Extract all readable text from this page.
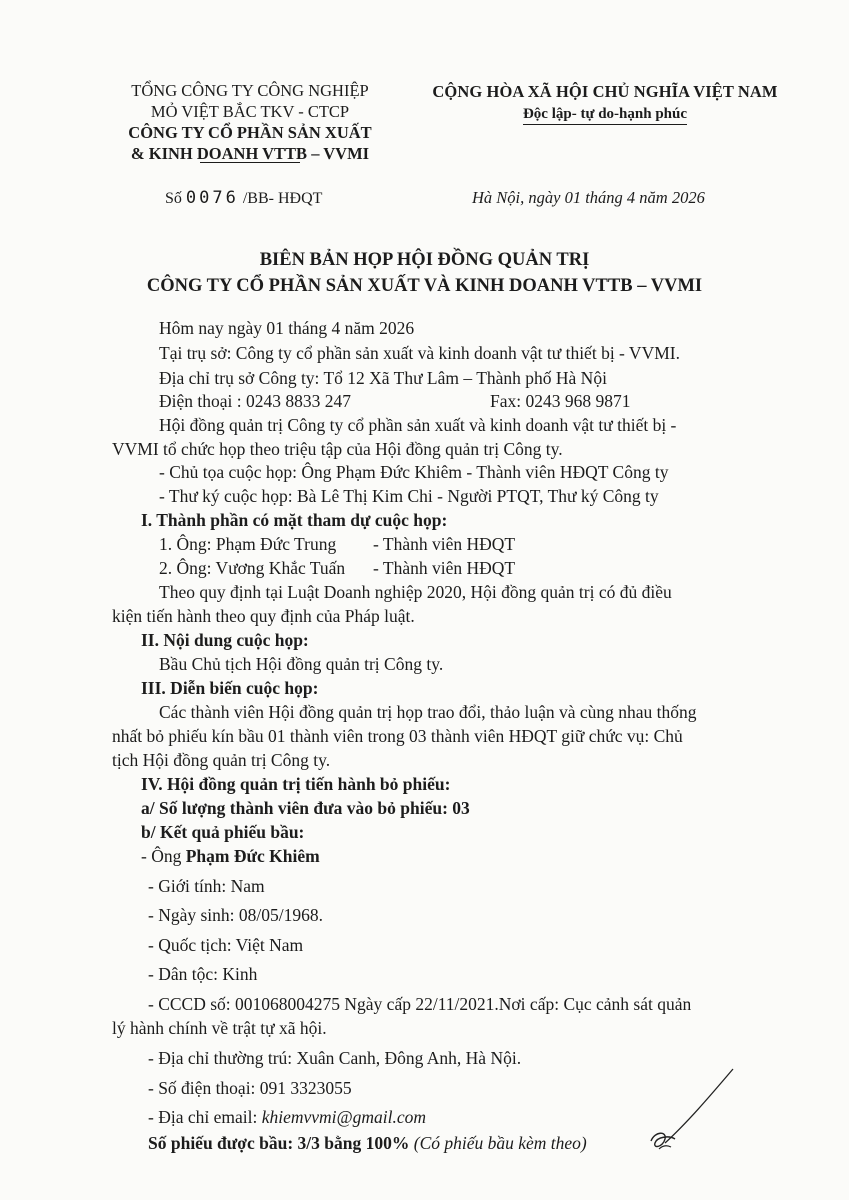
TỔNG CÔNG TY CÔNG NGHIỆP
MỎ VIỆT BẮC TKV - CTCP
CÔNG TY CỔ PHẦN SẢN XUẤT
& KINH DOANH VTTB – VVMI
CỘNG HÒA XÃ HỘI CHỦ NGHĨA VIỆT NAM
Độc lập- tự do-hạnh phúc
Số 0076 /BB- HĐQT	Hà Nội, ngày 01 tháng 4 năm 2026
BIÊN BẢN HỌP HỘI ĐỒNG QUẢN TRỊ
CÔNG TY CỔ PHẦN SẢN XUẤT VÀ KINH DOANH VTTB – VVMI
Hôm nay ngày 01 tháng 4 năm 2026
Tại trụ sở: Công ty cổ phần sản xuất và kinh doanh vật tư thiết bị - VVMI.
Địa chỉ trụ sở Công ty: Tổ 12 Xã Thư Lâm – Thành phố Hà Nội
Điện thoại : 0243 8833 247	Fax: 0243 968 9871
Hội đồng quản trị Công ty cổ phần sản xuất và kinh doanh vật tư thiết bị -
VVMI tổ chức họp theo triệu tập của Hội đồng quản trị Công ty.
- Chủ tọa cuộc họp: Ông Phạm Đức Khiêm - Thành viên HĐQT Công ty
- Thư ký cuộc họp: Bà Lê Thị Kim Chi - Người PTQT, Thư ký Công ty
I. Thành phần có mặt tham dự cuộc họp:
1. Ông: Phạm Đức Trung - Thành viên HĐQT
2. Ông: Vương Khắc Tuấn - Thành viên HĐQT
Theo quy định tại Luật Doanh nghiệp 2020, Hội đồng quản trị có đủ điều
kiện tiến hành theo quy định của Pháp luật.
II. Nội dung cuộc họp:
Bầu Chủ tịch Hội đồng quản trị Công ty.
III. Diễn biến cuộc họp:
Các thành viên Hội đồng quản trị họp trao đổi, thảo luận và cùng nhau thống
nhất bỏ phiếu kín bầu 01 thành viên trong 03 thành viên HĐQT giữ chức vụ: Chủ
tịch Hội đồng quản trị Công ty.
IV. Hội đồng quản trị tiến hành bỏ phiếu:
a/ Số lượng thành viên đưa vào bỏ phiếu: 03
b/ Kết quả phiếu bầu:
- Ông Phạm Đức Khiêm
- Giới tính: Nam
- Ngày sinh: 08/05/1968.
- Quốc tịch: Việt Nam
- Dân tộc: Kinh
- CCCD số: 001068004275 Ngày cấp 22/11/2021.Nơi cấp: Cục cảnh sát quản
lý hành chính về trật tự xã hội.
- Địa chỉ thường trú: Xuân Canh, Đông Anh, Hà Nội.
- Số điện thoại: 091 3323055
- Địa chỉ email: khiemvvmi@gmail.com
Số phiếu được bầu: 3/3 bằng 100% (Có phiếu bầu kèm theo)
